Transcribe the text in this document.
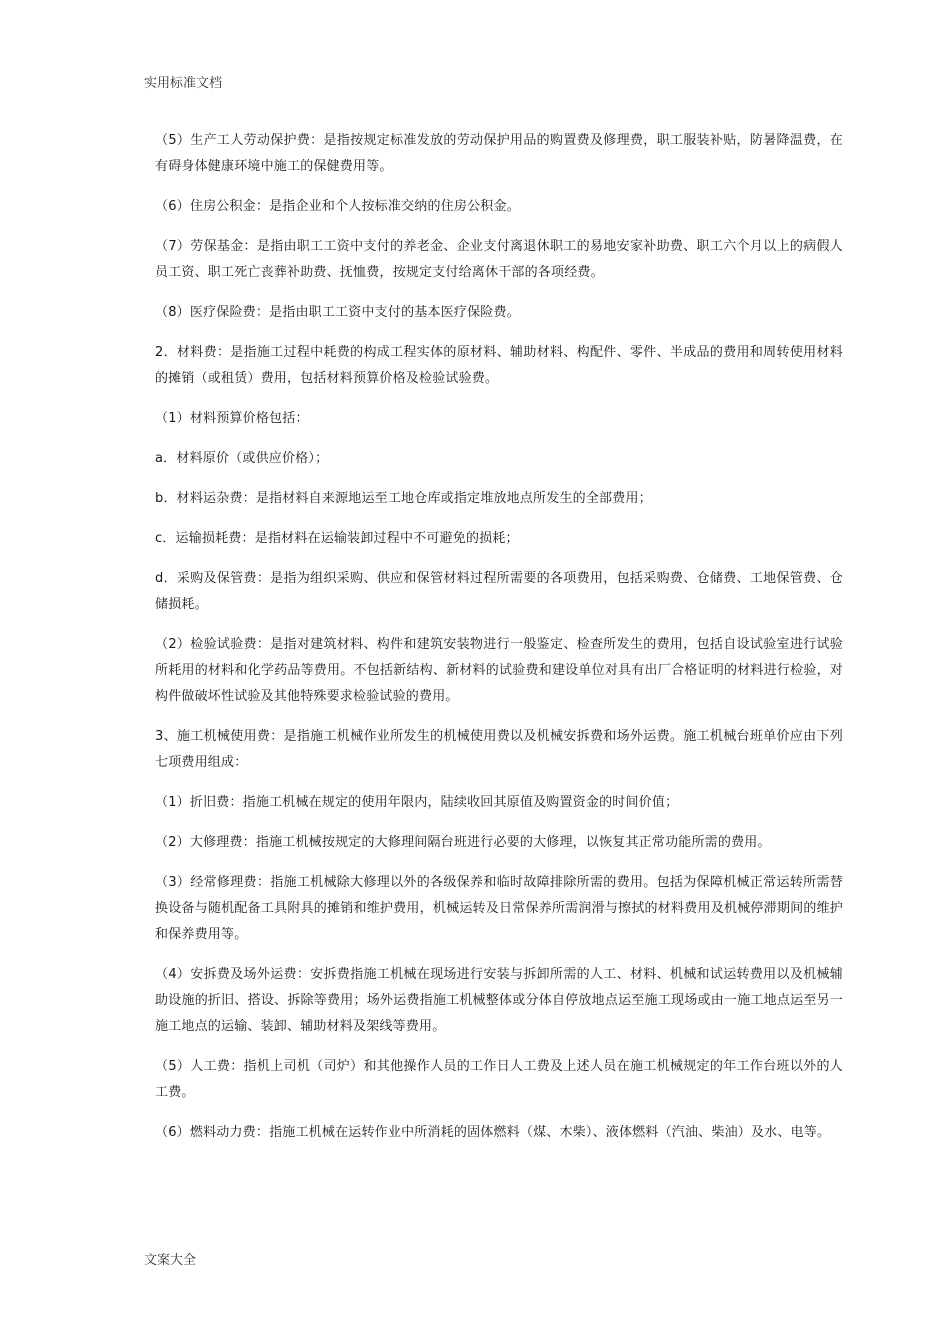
实用标准文档

（5）生产工人劳动保护费：是指按规定标准发放的劳动保护用品的购置费及修理费，职工服装补贴，防暑降温费，在有碍身体健康环境中施工的保健费用等。

（6）住房公积金：是指企业和个人按标准交纳的住房公积金。

（7）劳保基金：是指由职工工资中支付的养老金、企业支付离退休职工的易地安家补助费、职工六个月以上的病假人员工资、职工死亡丧葬补助费、抚恤费，按规定支付给离休干部的各项经费。

（8）医疗保险费：是指由职工工资中支付的基本医疗保险费。

2．材料费：是指施工过程中耗费的构成工程实体的原材料、辅助材料、构配件、零件、半成品的费用和周转使用材料的摊销（或租赁）费用，包括材料预算价格及检验试验费。

（1）材料预算价格包括：

a．材料原价（或供应价格）；

b．材料运杂费：是指材料自来源地运至工地仓库或指定堆放地点所发生的全部费用；

c．运输损耗费：是指材料在运输装卸过程中不可避免的损耗；

d．采购及保管费：是指为组织采购、供应和保管材料过程所需要的各项费用，包括采购费、仓储费、工地保管费、仓储损耗。

（2）检验试验费：是指对建筑材料、构件和建筑安装物进行一般鉴定、检查所发生的费用，包括自设试验室进行试验所耗用的材料和化学药品等费用。不包括新结构、新材料的试验费和建设单位对具有出厂合格证明的材料进行检验，对构件做破坏性试验及其他特殊要求检验试验的费用。

3、施工机械使用费：是指施工机械作业所发生的机械使用费以及机械安拆费和场外运费。施工机械台班单价应由下列七项费用组成：

（1）折旧费：指施工机械在规定的使用年限内，陆续收回其原值及购置资金的时间价值；

（2）大修理费：指施工机械按规定的大修理间隔台班进行必要的大修理，以恢复其正常功能所需的费用。

（3）经常修理费：指施工机械除大修理以外的各级保养和临时故障排除所需的费用。包括为保障机械正常运转所需替换设备与随机配备工具附具的摊销和维护费用，机械运转及日常保养所需润滑与擦拭的材料费用及机械停滞期间的维护和保养费用等。

（4）安拆费及场外运费：安拆费指施工机械在现场进行安装与拆卸所需的人工、材料、机械和试运转费用以及机械辅助设施的折旧、搭设、拆除等费用；场外运费指施工机械整体或分体自停放地点运至施工现场或由一施工地点运至另一施工地点的运输、装卸、辅助材料及架线等费用。

（5）人工费：指机上司机（司炉）和其他操作人员的工作日人工费及上述人员在施工机械规定的年工作台班以外的人工费。

（6）燃料动力费：指施工机械在运转作业中所消耗的固体燃料（煤、木柴）、液体燃料（汽油、柴油）及水、电等。

文案大全
